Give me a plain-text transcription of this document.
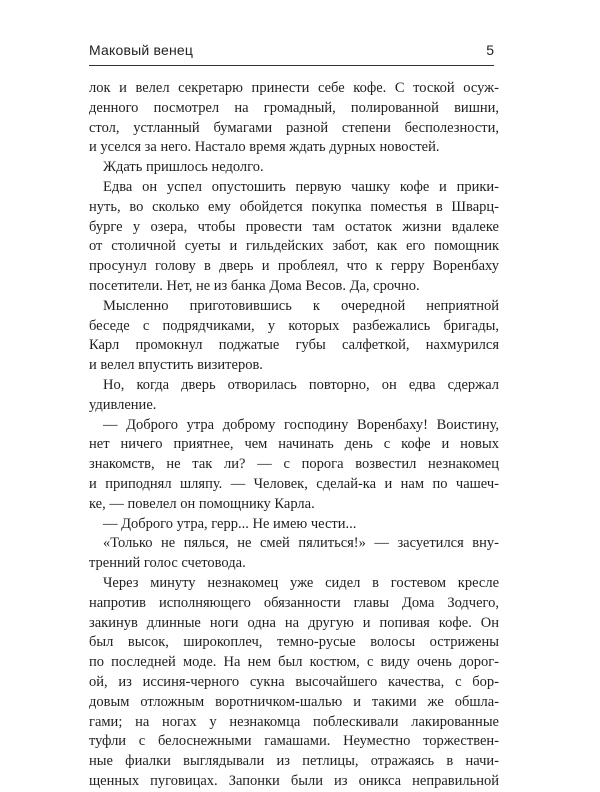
Маковый венец	5
лок и велел секретарю принести себе кофе. С тоской осуж-
денного посмотрел на громадный, полированной вишни,
стол, устланный бумагами разной степени бесполезности,
и уселся за него. Настало время ждать дурных новостей.
Ждать пришлось недолго.
Едва он успел опустошить первую чашку кофе и прики-
нуть, во сколько ему обойдется покупка поместья в Шварц-
бурге у озера, чтобы провести там остаток жизни вдалеке
от столичной суеты и гильдейских забот, как его помощник
просунул голову в дверь и проблеял, что к герру Воренбаху
посетители. Нет, не из банка Дома Весов. Да, срочно.
Мысленно приготовившись к очередной неприятной
беседе с подрядчиками, у которых разбежались бригады,
Карл промокнул поджатые губы салфеткой, нахмурился
и велел впустить визитеров.
Но, когда дверь отворилась повторно, он едва сдержал
удивление.
— Доброго утра доброму господину Воренбаху! Воистину,
нет ничего приятнее, чем начинать день с кофе и новых
знакомств, не так ли? — с порога возвестил незнакомец
и приподнял шляпу. — Человек, сделай-ка и нам по чашеч-
ке, — повелел он помощнику Карла.
— Доброго утра, герр... Не имею чести...
«Только не пялься, не смей пялиться!» — засуетился вну-
тренний голос счетовода.
Через минуту незнакомец уже сидел в гостевом кресле
напротив исполняющего обязанности главы Дома Зодчего,
закинув длинные ноги одна на другую и попивая кофе. Он
был высок, широкоплеч, темно-русые волосы острижены
по последней моде. На нем был костюм, с виду очень дорог-
ой, из иссиня-черного сукна высочайшего качества, с бор-
довым отложным воротничком-шалью и такими же обшла-
гами; на ногах у незнакомца поблескивали лакированные
туфли с белоснежными гамашами. Неуместно торжествен-
ные фиалки выглядывали из петлицы, отражаясь в начи-
щенных пуговицах. Запонки были из оникса неправильной
